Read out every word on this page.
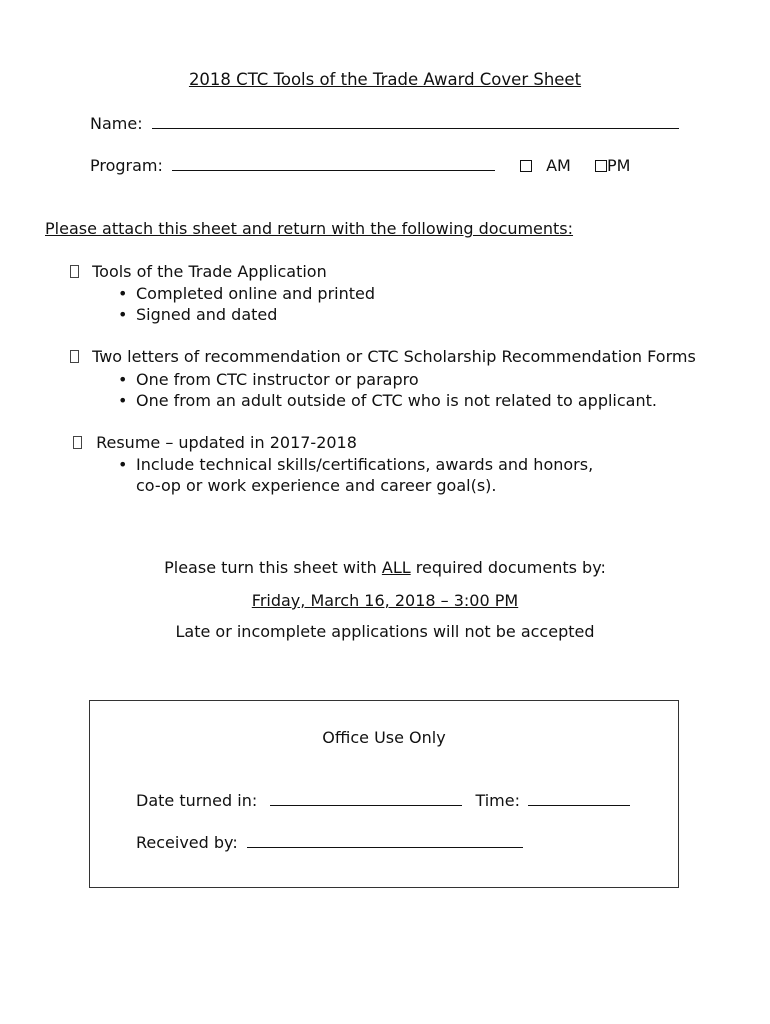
2018 CTC Tools of the Trade Award Cover Sheet
Name:
Program:	AM PM
Please attach this sheet and return with the following documents:
Tools of the Trade Application
• Completed online and printed
• Signed and dated
Two letters of recommendation or CTC Scholarship Recommendation Forms
• One from CTC instructor or parapro
• One from an adult outside of CTC who is not related to applicant.
Resume – updated in 2017-2018
• Include technical skills/certifications, awards and honors,
co-op or work experience and career goal(s).
Please turn this sheet with ALL required documents by:
Friday, March 16, 2018 – 3:00 PM
Late or incomplete applications will not be accepted
Office Use Only
Date turned in:	Time:
Received by:
